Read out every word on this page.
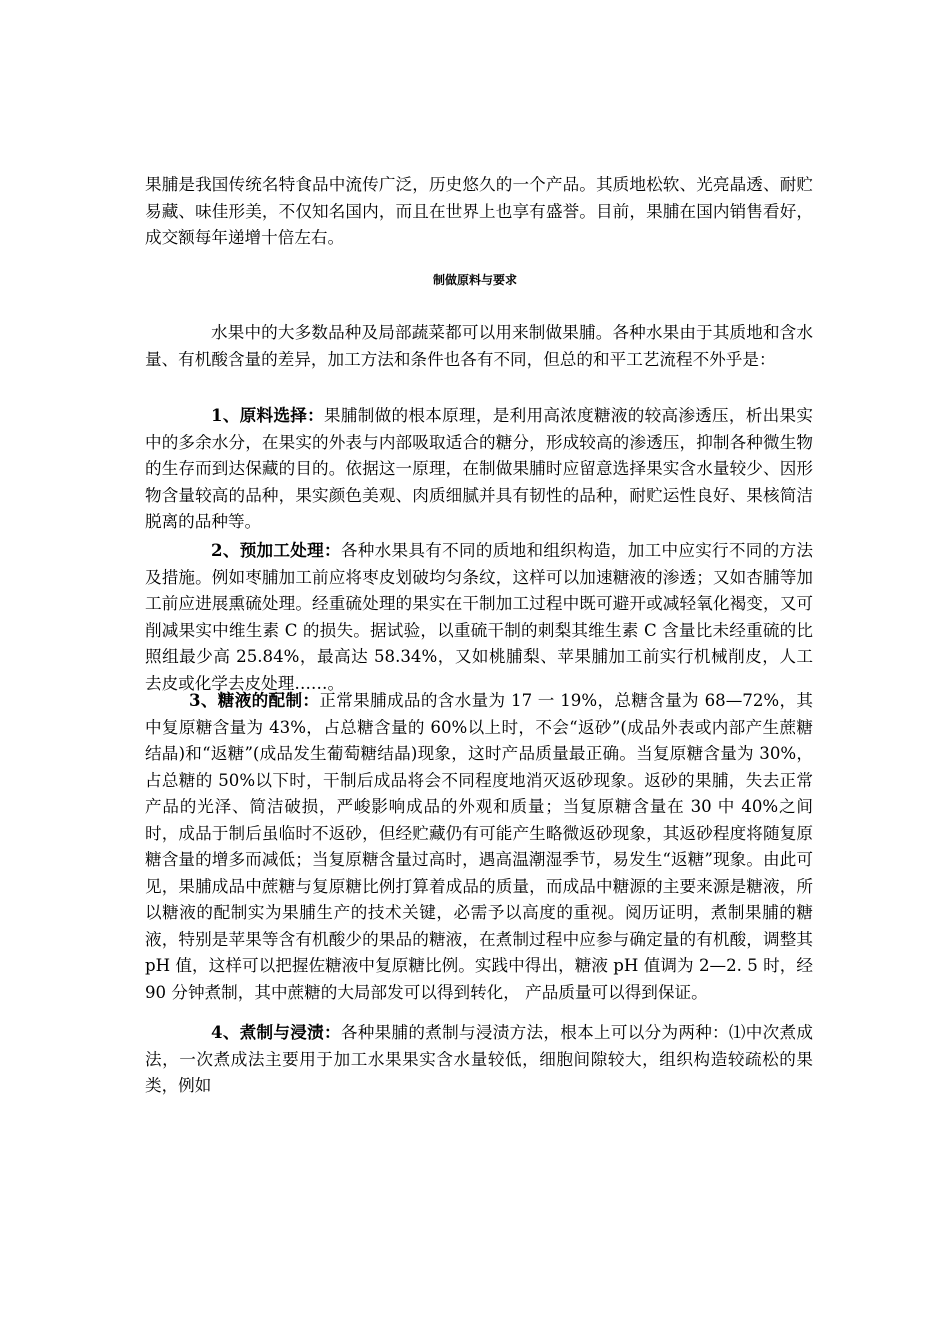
果脯是我国传统名特食品中流传广泛，历史悠久的一个产品。其质地松软、光亮晶透、耐贮易藏、味佳形美，不仅知名国内，而且在世界上也享有盛誉。目前，果脯在国内销售看好，成交额每年递增十倍左右。

制做原料与要求

水果中的大多数品种及局部蔬菜都可以用来制做果脯。各种水果由于其质地和含水量、有机酸含量的差异，加工方法和条件也各有不同，但总的和平工艺流程不外乎是：

1、原料选择：果脯制做的根本原理，是利用高浓度糖液的较高渗透压，析出果实中的多余水分，在果实的外表与内部吸取适合的糖分，形成较高的渗透压，抑制各种微生物的生存而到达保藏的目的。依据这一原理，在制做果脯时应留意选择果实含水量较少、因形物含量较高的品种，果实颜色美观、肉质细腻并具有韧性的品种，耐贮运性良好、果核简洁脱离的品种等。

2、预加工处理：各种水果具有不同的质地和组织构造，加工中应实行不同的方法及措施。例如枣脯加工前应将枣皮划破均匀条纹，这样可以加速糖液的渗透；又如杏脯等加工前应进展熏硫处理。经重硫处理的果实在干制加工过程中既可避开或减轻氧化褐变，又可削减果实中维生素 C 的损失。据试验，以重硫干制的刺梨其维生素 C 含量比未经重硫的比照组最少高 25.84%，最高达 58.34%，又如桃脯梨、苹果脯加工前实行机械削皮，人工去皮或化学去皮处理……。

3、糖液的配制：正常果脯成品的含水量为 17 一 19%，总糖含量为 68—72%，其中复原糖含量为 43%，占总糖含量的 60%以上时，不会“返砂”(成品外表或内部产生蔗糖结晶)和“返糖”(成品发生葡萄糖结晶)现象，这时产品质量最正确。当复原糖含量为 30%，占总糖的 50%以下时，干制后成品将会不同程度地消灭返砂现象。返砂的果脯，失去正常产品的光泽、简洁破损，严峻影响成品的外观和质量；当复原糖含量在 30 中 40%之间时，成品于制后虽临时不返砂，但经贮藏仍有可能产生略微返砂现象，其返砂程度将随复原糖含量的增多而减低；当复原糖含量过高时，遇高温潮湿季节，易发生“返糖”现象。由此可见，果脯成品中蔗糖与复原糖比例打算着成品的质量，而成品中糖源的主要来源是糖液，所以糖液的配制实为果脯生产的技术关键，必需予以高度的重视。阅历证明，煮制果脯的糖液，特别是苹果等含有机酸少的果品的糖液，在煮制过程中应参与确定量的有机酸，调整其 pH 值，这样可以把握佐糖液中复原糖比例。实践中得出，糖液 pH 值调为 2—2. 5 时，经 90 分钟煮制，其中蔗糖的大局部发可以得到转化， 产品质量可以得到保证。

4、煮制与浸渍：各种果脯的煮制与浸渍方法，根本上可以分为两种：⑴中次煮成法，一次煮成法主要用于加工水果果实含水量较低，细胞间隙较大，组织构造较疏松的果类，例如
